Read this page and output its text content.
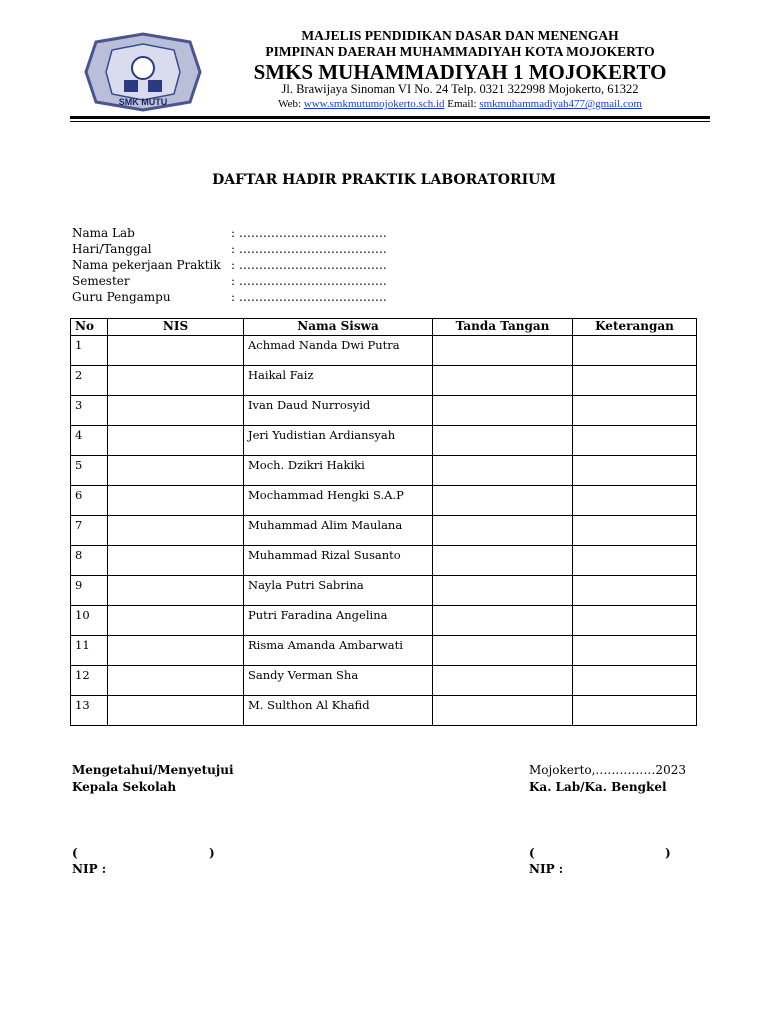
SMK MUTU
MAJELIS PENDIDIKAN DASAR DAN MENENGAH
PIMPINAN DAERAH MUHAMMADIYAH KOTA MOJOKERTO
SMKS MUHAMMADIYAH 1 MOJOKERTO
Jl. Brawijaya Sinoman VI No. 24 Telp. 0321 322998 Mojokerto, 61322
Web: www.smkmutumojokerto.sch.id Email: smkmuhammadiyah477@gmail.com
DAFTAR HADIR PRAKTIK LABORATORIUM
Nama Lab	: ……………………………….
Hari/Tanggal	: ……………………………….
Nama pekerjaan Praktik : ……………………………….
Semester	: ……………………………….
Guru Pengampu	: ……………………………….
No	NIS	Nama Siswa	Tanda Tangan	Keterangan
1		Achmad Nanda Dwi Putra		
2		Haikal Faiz		
3		Ivan Daud Nurrosyid		
4		Jeri Yudistian Ardiansyah		
5		Moch. Dzikri Hakiki		
6		Mochammad Hengki S.A.P		
7		Muhammad Alim Maulana		
8		Muhammad Rizal Susanto		
9		Nayla Putri Sabrina		
10		Putri Faradina Angelina		
11		Risma Amanda Ambarwati		
12		Sandy Verman Sha		
13		M. Sulthon Al Khafid		
Mengetahui/Menyetujui
Kepala Sekolah
Mojokerto,……………2023
Ka. Lab/Ka. Bengkel
(	)
NIP :
(	)
NIP :
